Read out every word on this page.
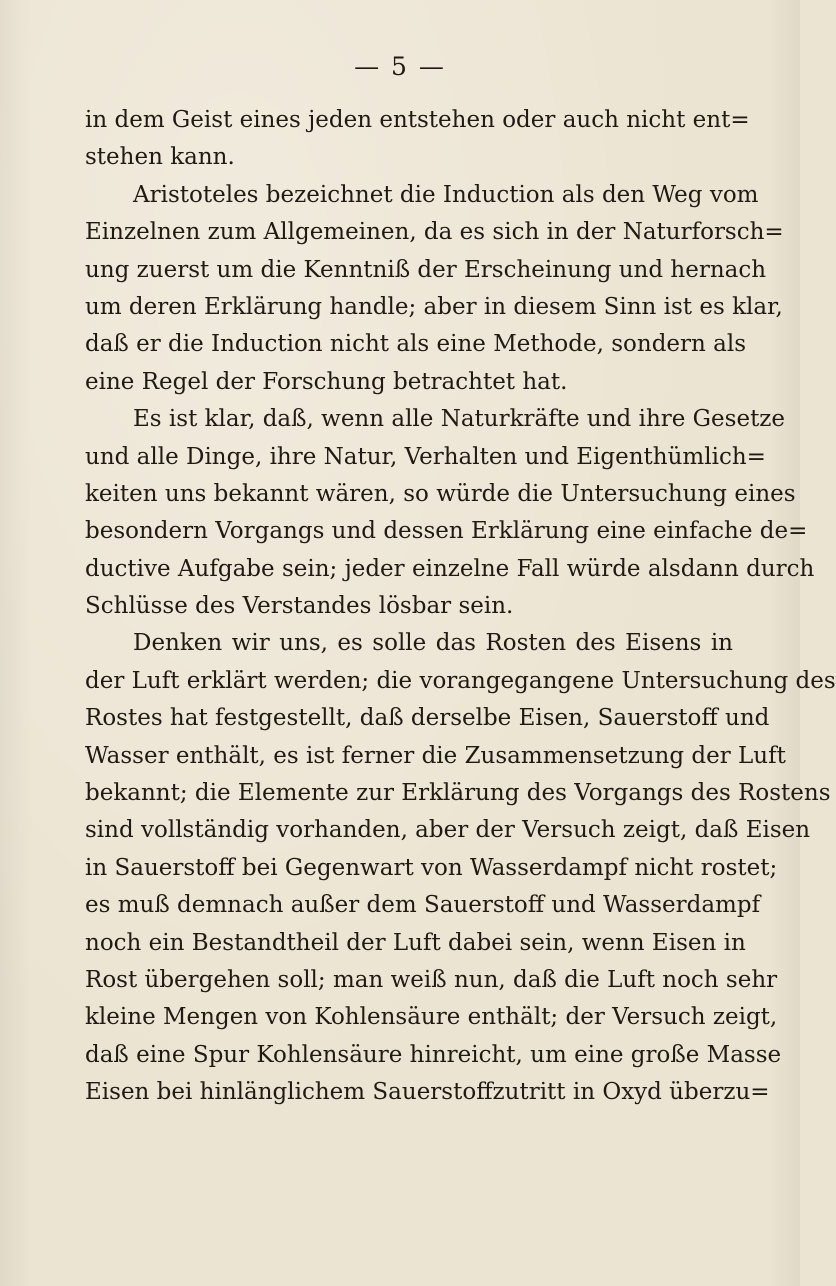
— 5 —
in dem Geist eines jeden entstehen oder auch nicht ent=
stehen kann.
Aristoteles bezeichnet die Induction als den Weg vom
Einzelnen zum Allgemeinen, da es sich in der Naturforsch=
ung zuerst um die Kenntniß der Erscheinung und hernach
um deren Erklärung handle; aber in diesem Sinn ist es klar,
daß er die Induction nicht als eine Methode, sondern als
eine Regel der Forschung betrachtet hat.
Es ist klar, daß, wenn alle Naturkräfte und ihre Gesetze
und alle Dinge, ihre Natur, Verhalten und Eigenthümlich=
keiten uns bekannt wären, so würde die Untersuchung eines
besondern Vorgangs und dessen Erklärung eine einfache de=
ductive Aufgabe sein; jeder einzelne Fall würde alsdann durch
Schlüsse des Verstandes lösbar sein.
Denken wir uns, es solle das Rosten des Eisens in
der Luft erklärt werden; die vorangegangene Untersuchung des
Rostes hat festgestellt, daß derselbe Eisen, Sauerstoff und
Wasser enthält, es ist ferner die Zusammensetzung der Luft
bekannt; die Elemente zur Erklärung des Vorgangs des Rostens
sind vollständig vorhanden, aber der Versuch zeigt, daß Eisen
in Sauerstoff bei Gegenwart von Wasserdampf nicht rostet;
es muß demnach außer dem Sauerstoff und Wasserdampf
noch ein Bestandtheil der Luft dabei sein, wenn Eisen in
Rost übergehen soll; man weiß nun, daß die Luft noch sehr
kleine Mengen von Kohlensäure enthält; der Versuch zeigt,
daß eine Spur Kohlensäure hinreicht, um eine große Masse
Eisen bei hinlänglichem Sauerstoffzutritt in Oxyd überzu=
